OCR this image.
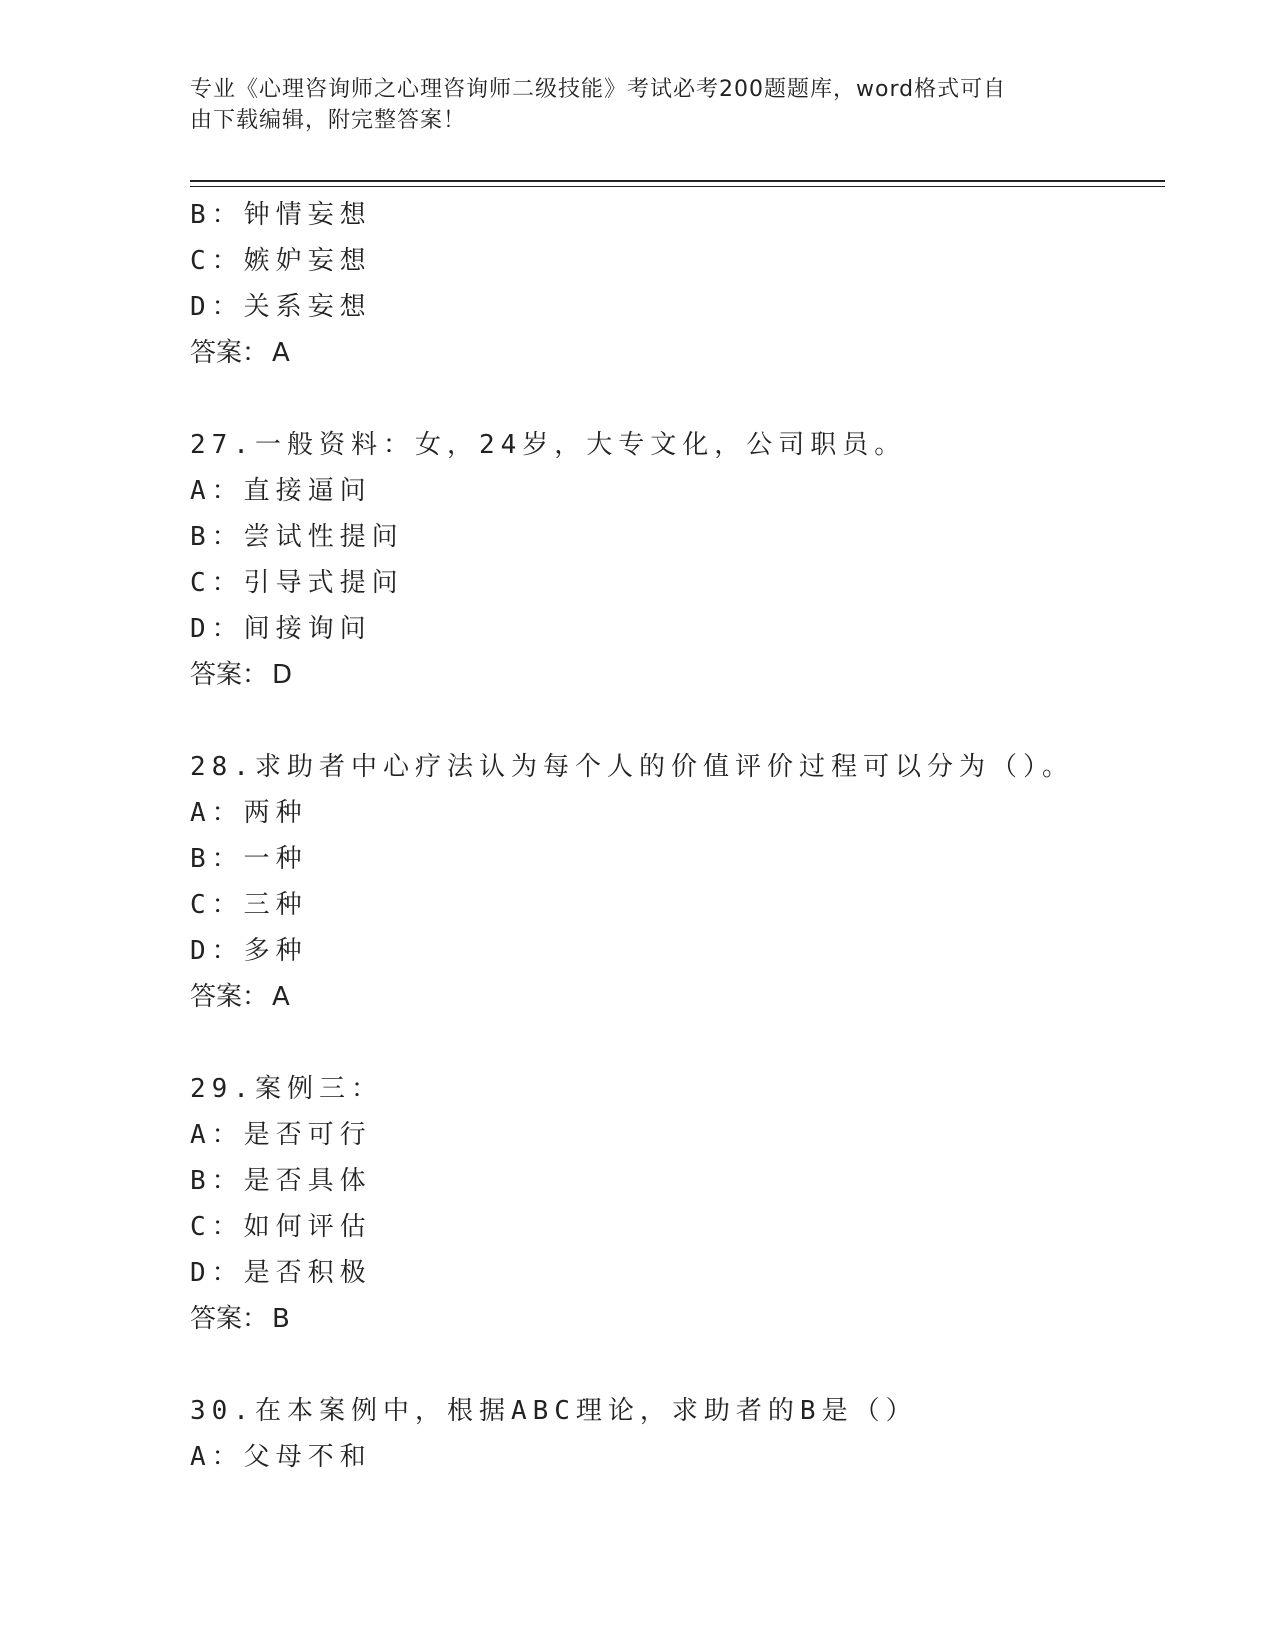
专业《心理咨询师之心理咨询师二级技能》考试必考200题题库，word格式可自
由下载编辑，附完整答案！
B：钟情妄想
C：嫉妒妄想
D：关系妄想
答案： A
27.一般资料：女，24岁，大专文化，公司职员。
A：直接逼问
B：尝试性提问
C：引导式提问
D：间接询问
答案： D
28.求助者中心疗法认为每个人的价值评价过程可以分为（）。
A：两种
B：一种
C：三种
D：多种
答案： A
29.案例三：
A：是否可行
B：是否具体
C：如何评估
D：是否积极
答案： B
30.在本案例中，根据ABC理论，求助者的B是（）
A：父母不和
